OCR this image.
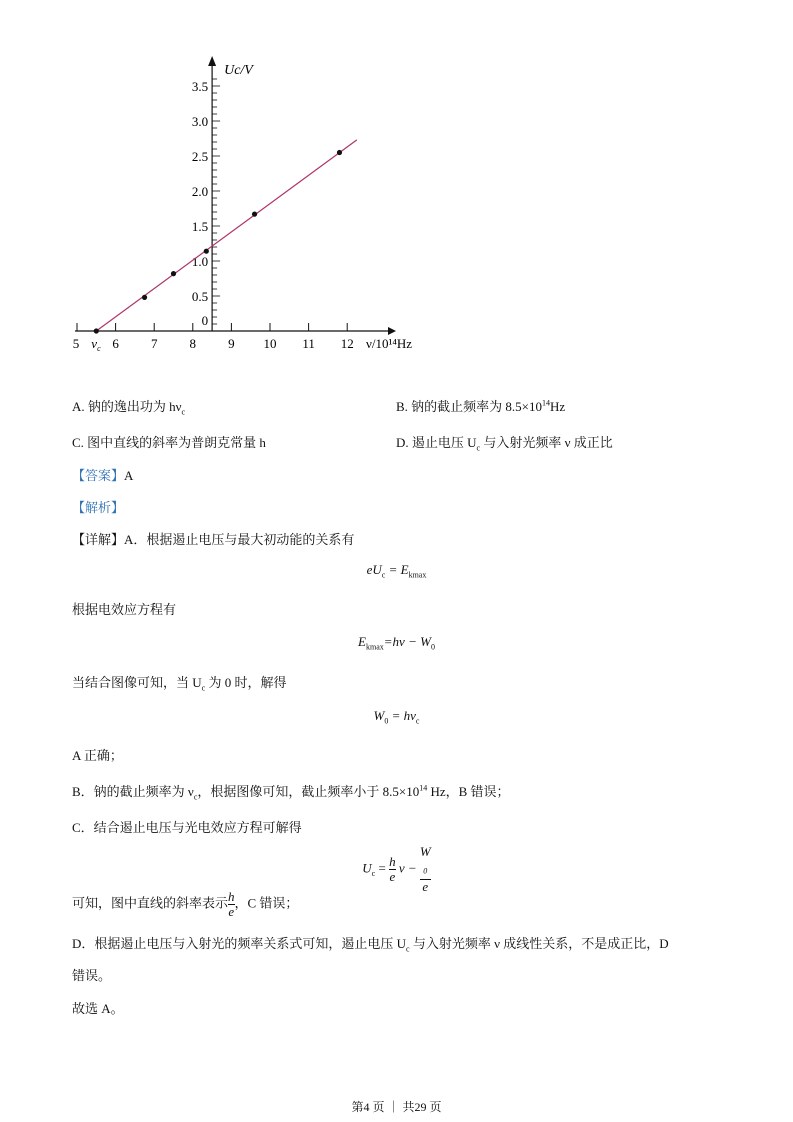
5	6 7 8 9 10 11 12
0
0.5
1.0
1.5
2.0
2.5
3.0
3.5
$\nu_c$
Uc/V
ν/10¹⁴Hz
A. 钠的逸出功为 $h\nu_c$	B. 钠的截止频率为 $8.5\times 10^{14}Hz$
C. 图中直线的斜率为普朗克常量 h	D. 遏止电压 $U_c$ 与入射光频率 ν 成正比
【答案】A
【解析】
【详解】A．根据遏止电压与最大初动能的关系有
$eU_c = E_{kmax}$
根据电效应方程有
$E_{kmax}=h\nu - W_0$
当结合图像可知，当 $U_c$ 为 0 时，解得
$W_0 = h\nu_c$
A 正确；
B．钠的截止频率为 $\nu_c$，根据图像可知，截止频率小于 $8.5\times 10^{14}$ Hz，B 错误；
C．结合遏止电压与光电效应方程可解得
$U_c = \frac{h}{e}$ ν − W
$_0$
e
可知，图中直线的斜率表示 $\frac{h}{e}$ ，C 错误；
D．根据遏止电压与入射光的频率关系式可知，遏止电压 $U_c$ 与入射光频率 ν 成线性关系，不是成正比，D
错误。
故选 A。
第4 页 ｜ 共29 页
